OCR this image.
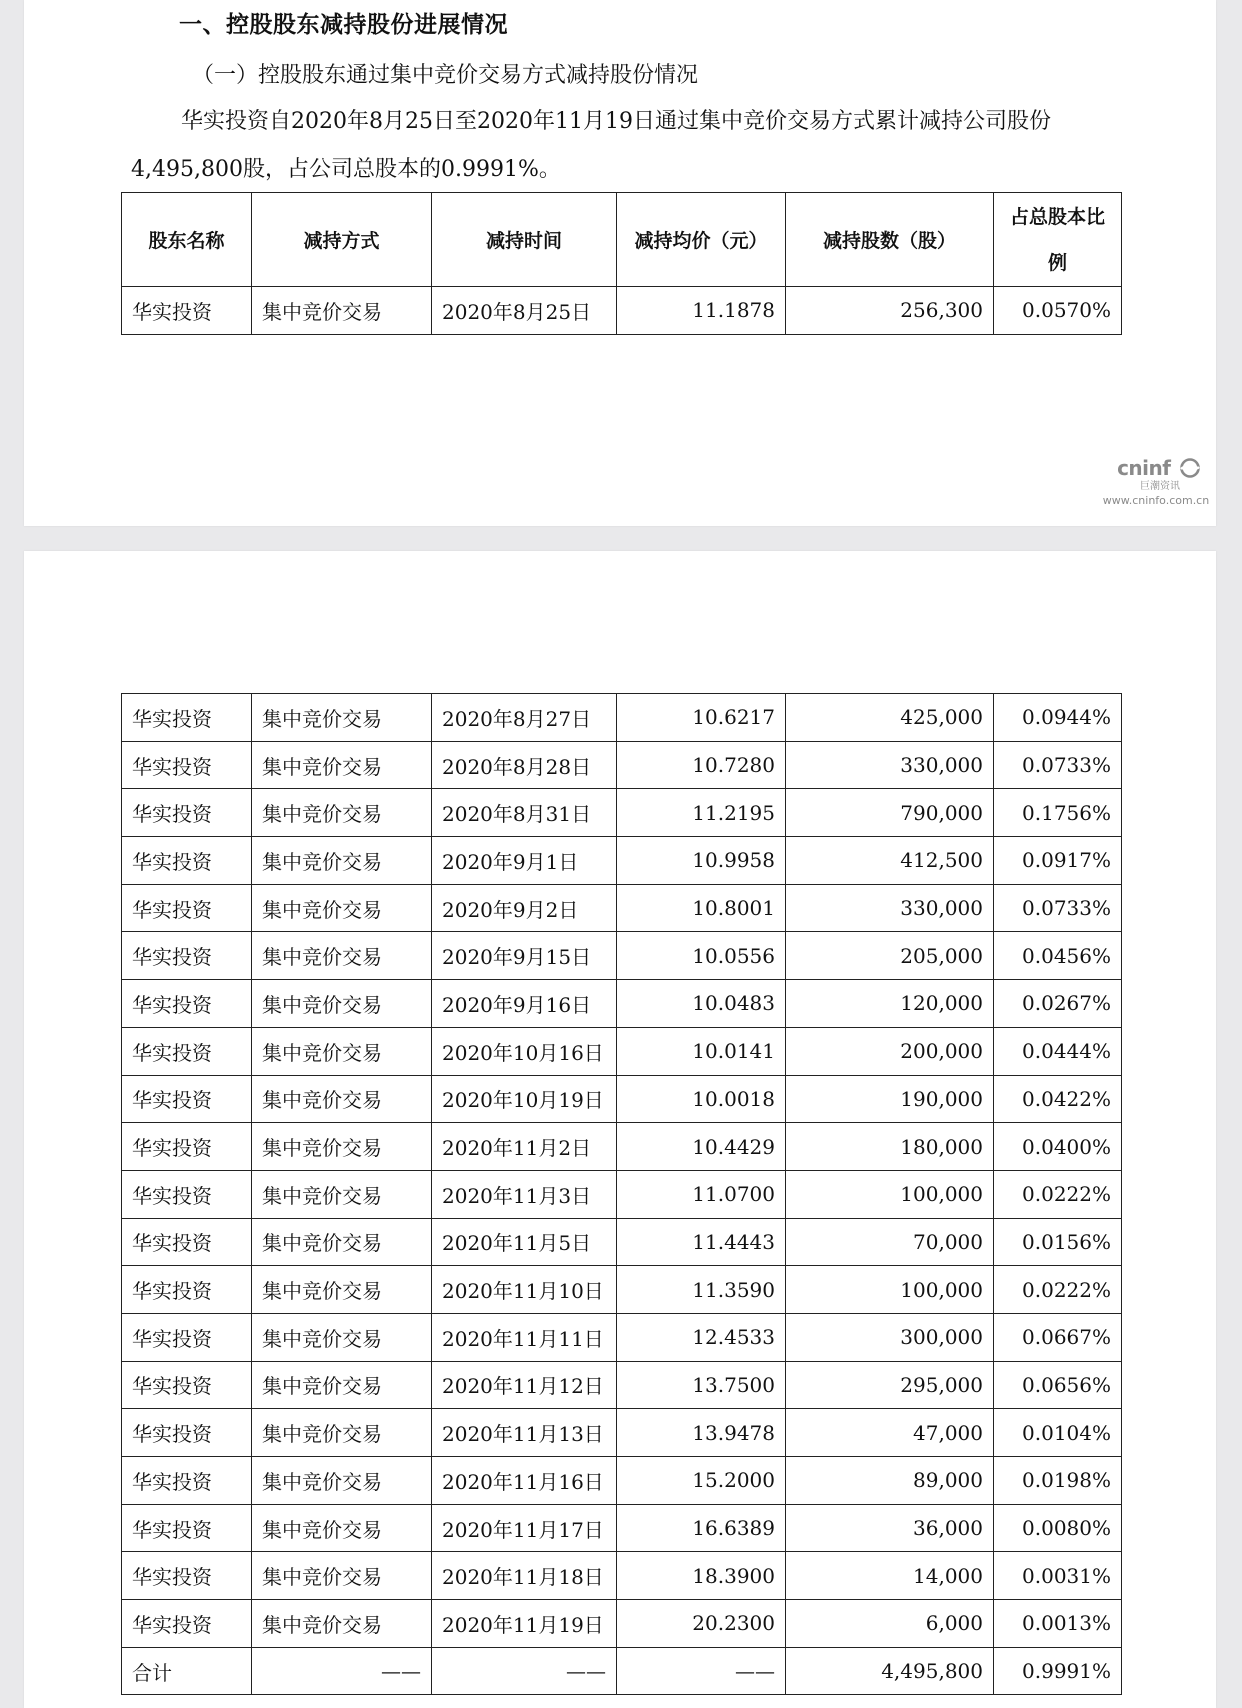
一、控股股东减持股份进展情况
（一）控股股东通过集中竞价交易方式减持股份情况
华实投资自2020年8月25日至2020年11月19日通过集中竞价交易方式累计减持公司股份4,495,800股，占公司总股本的0.9991%。
股东名称	减持方式	减持时间	减持均价（元）	减持股数（股）	占总股本比例
华实投资	集中竞价交易	2020年8月25日	11.1878	256,300	0.0570%
cninf
巨潮资讯
www.cninfo.com.cn
华实投资	集中竞价交易	2020年8月27日	10.6217	425,000	0.0944%
华实投资	集中竞价交易	2020年8月28日	10.7280	330,000	0.0733%
华实投资	集中竞价交易	2020年8月31日	11.2195	790,000	0.1756%
华实投资	集中竞价交易	2020年9月1日	10.9958	412,500	0.0917%
华实投资	集中竞价交易	2020年9月2日	10.8001	330,000	0.0733%
华实投资	集中竞价交易	2020年9月15日	10.0556	205,000	0.0456%
华实投资	集中竞价交易	2020年9月16日	10.0483	120,000	0.0267%
华实投资	集中竞价交易	2020年10月16日	10.0141	200,000	0.0444%
华实投资	集中竞价交易	2020年10月19日	10.0018	190,000	0.0422%
华实投资	集中竞价交易	2020年11月2日	10.4429	180,000	0.0400%
华实投资	集中竞价交易	2020年11月3日	11.0700	100,000	0.0222%
华实投资	集中竞价交易	2020年11月5日	11.4443	70,000	0.0156%
华实投资	集中竞价交易	2020年11月10日	11.3590	100,000	0.0222%
华实投资	集中竞价交易	2020年11月11日	12.4533	300,000	0.0667%
华实投资	集中竞价交易	2020年11月12日	13.7500	295,000	0.0656%
华实投资	集中竞价交易	2020年11月13日	13.9478	47,000	0.0104%
华实投资	集中竞价交易	2020年11月16日	15.2000	89,000	0.0198%
华实投资	集中竞价交易	2020年11月17日	16.6389	36,000	0.0080%
华实投资	集中竞价交易	2020年11月18日	18.3900	14,000	0.0031%
华实投资	集中竞价交易	2020年11月19日	20.2300	6,000	0.0013%
合计	——	——	——	4,495,800	0.9991%
